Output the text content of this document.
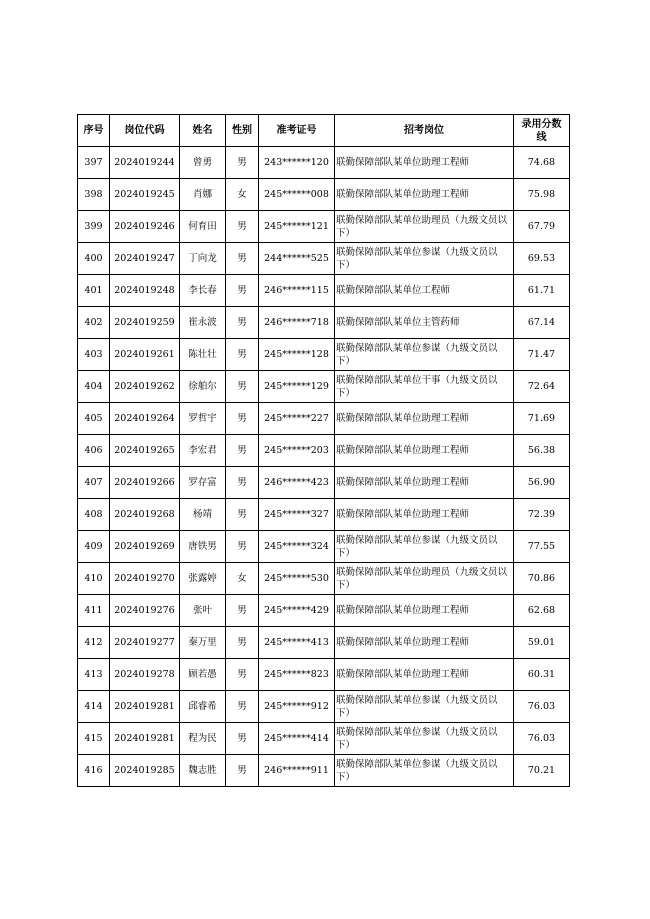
序号	岗位代码	姓名	性别	准考证号	招考岗位	录用分数线
397	2024019244	曾勇	男	243******120	联勤保障部队某单位助理工程师	74.68
398	2024019245	肖娜	女	245******008	联勤保障部队某单位助理工程师	75.98
399	2024019246	何育田	男	245******121	联勤保障部队某单位助理员（九级文员以下）	67.79
400	2024019247	丁向龙	男	244******525	联勤保障部队某单位参谋（九级文员以下）	69.53
401	2024019248	李长春	男	246******115	联勤保障部队某单位工程师	61.71
402	2024019259	崔永波	男	246******718	联勤保障部队某单位主管药师	67.14
403	2024019261	陈壮壮	男	245******128	联勤保障部队某单位参谋（九级文员以下）	71.47
404	2024019262	徐舶尔	男	245******129	联勤保障部队某单位干事（九级文员以下）	72.64
405	2024019264	罗哲宇	男	245******227	联勤保障部队某单位助理工程师	71.69
406	2024019265	李宏君	男	245******203	联勤保障部队某单位助理工程师	56.38
407	2024019266	罗存富	男	246******423	联勤保障部队某单位助理工程师	56.90
408	2024019268	杨靖	男	245******327	联勤保障部队某单位助理工程师	72.39
409	2024019269	唐铁男	男	245******324	联勤保障部队某单位参谋（九级文员以下）	77.55
410	2024019270	张露婷	女	245******530	联勤保障部队某单位助理员（九级文员以下）	70.86
411	2024019276	张叶	男	245******429	联勤保障部队某单位助理工程师	62.68
412	2024019277	秦万里	男	245******413	联勤保障部队某单位助理工程师	59.01
413	2024019278	顾若愚	男	245******823	联勤保障部队某单位助理工程师	60.31
414	2024019281	邱睿希	男	245******912	联勤保障部队某单位参谋（九级文员以下）	76.03
415	2024019281	程为民	男	245******414	联勤保障部队某单位参谋（九级文员以下）	76.03
416	2024019285	魏志胜	男	246******911	联勤保障部队某单位参谋（九级文员以下）	70.21
